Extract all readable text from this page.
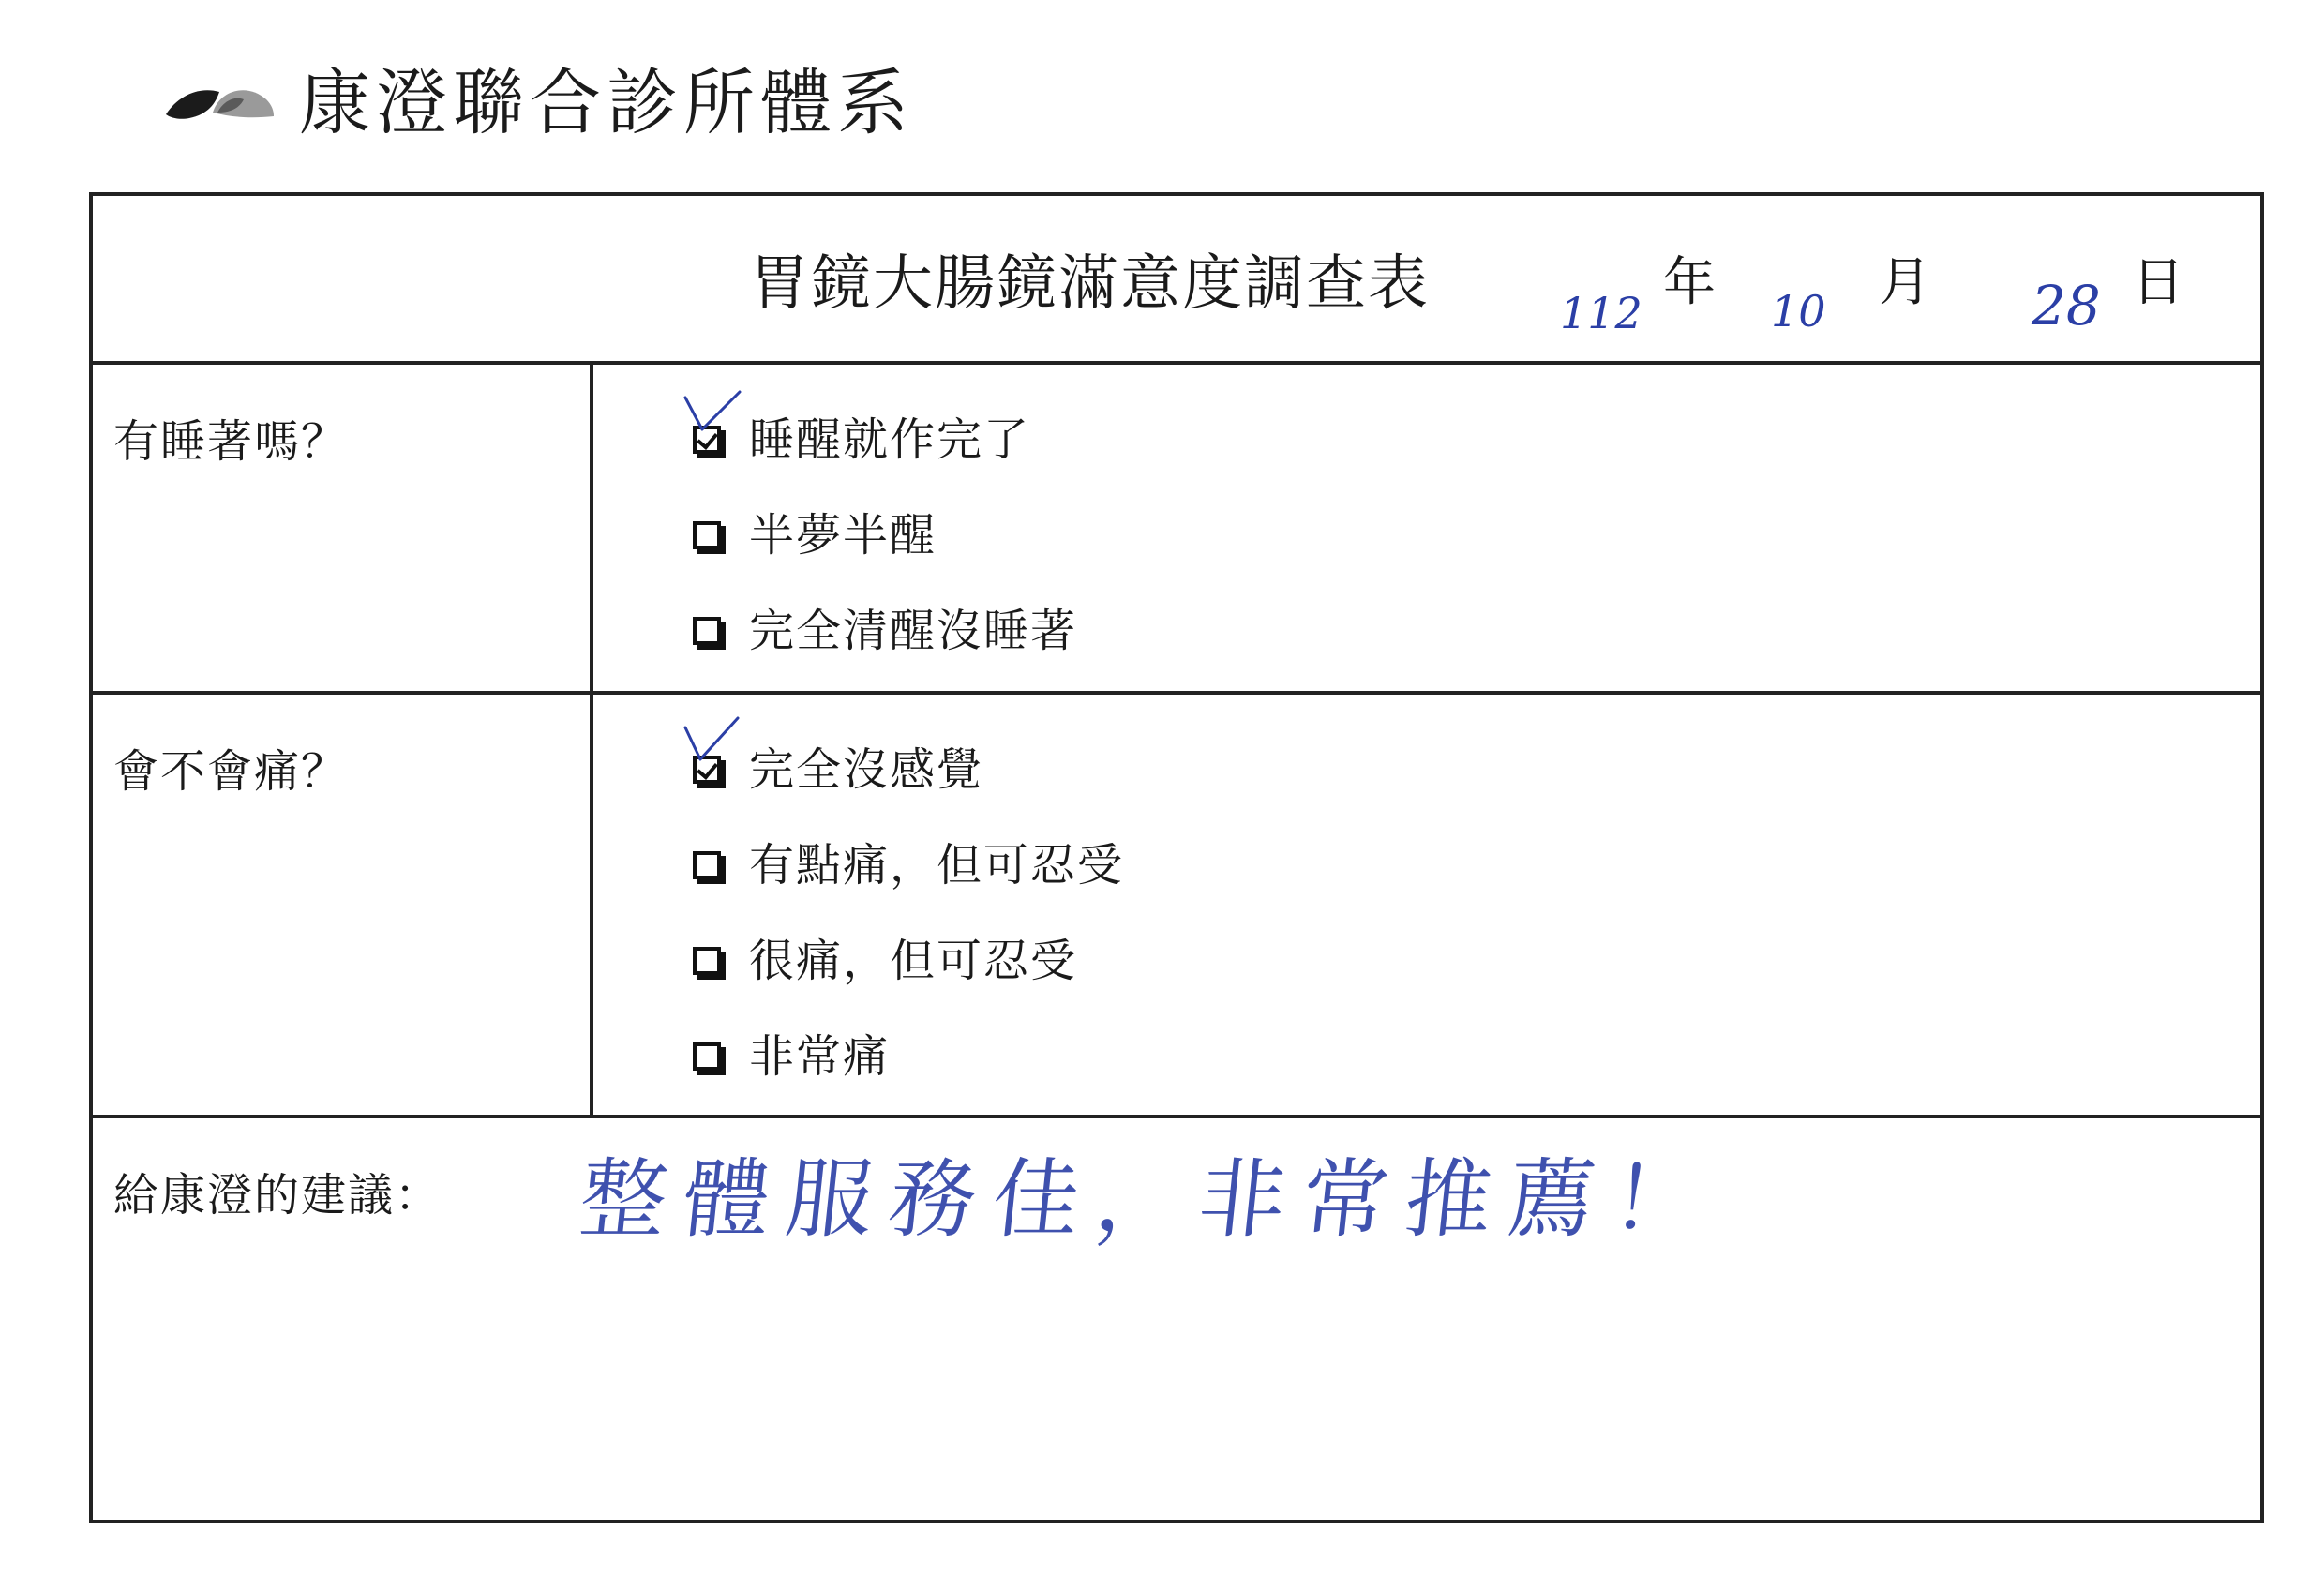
康澄聯合診所體系
胃鏡大腸鏡滿意度調查表	112 年 10 月 28 日
有睡著嗎？	睡醒就作完了
半夢半醒
完全清醒沒睡著
會不會痛？	完全沒感覺
有點痛，但可忍受
很痛，但可忍受
非常痛
給康澄的建議： 整體服務佳，非常推薦！
